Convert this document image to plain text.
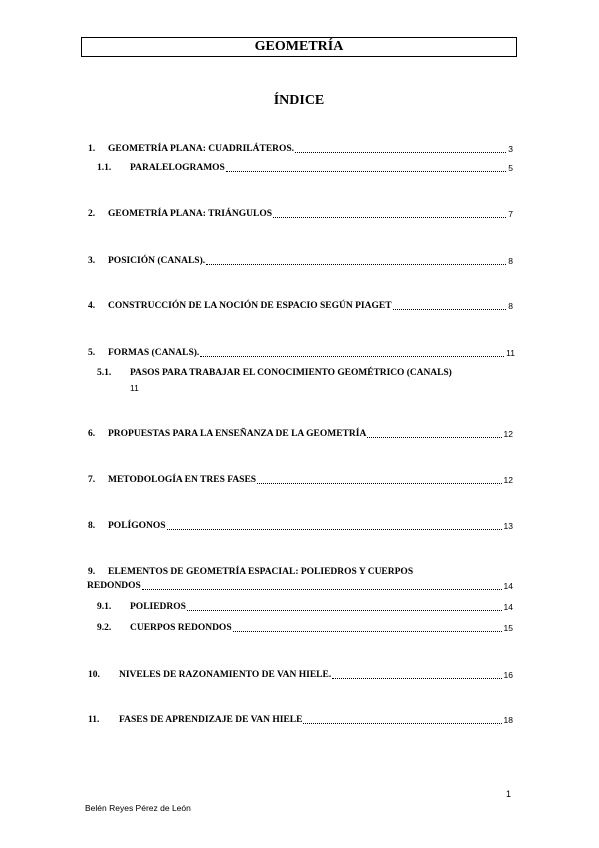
GEOMETRÍA
ÍNDICE
1. GEOMETRÍA PLANA: CUADRILÁTEROS.	3
1.1. PARALELOGRAMOS	5
2. GEOMETRÍA PLANA: TRIÁNGULOS	7
3. POSICIÓN (CANALS).	8
4. CONSTRUCCIÓN DE LA NOCIÓN DE ESPACIO SEGÚN PIAGET	8
5. FORMAS (CANALS).	11
5.1. PASOS PARA TRABAJAR EL CONOCIMIENTO GEOMÉTRICO (CANALS)
11
6. PROPUESTAS PARA LA ENSEÑANZA DE LA GEOMETRÍA	12
7. METODOLOGÍA EN TRES FASES	12
8. POLÍGONOS	13
9. ELEMENTOS DE GEOMETRÍA ESPACIAL: POLIEDROS Y CUERPOS
REDONDOS	14
9.1. POLIEDROS	14
9.2. CUERPOS REDONDOS	15
10. NIVELES DE RAZONAMIENTO DE VAN HIELE.	16
11. FASES DE APRENDIZAJE DE VAN HIELE	18
1
Belén Reyes Pérez de León
